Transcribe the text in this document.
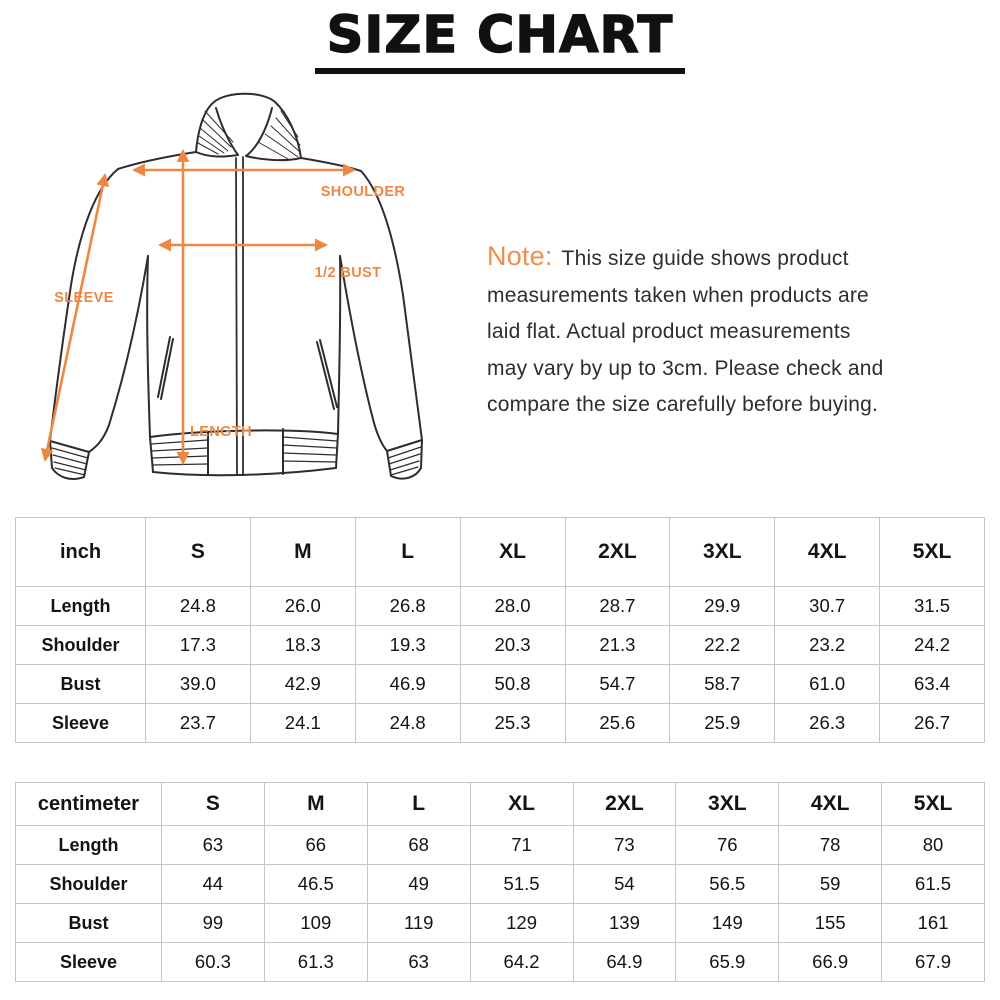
SIZE CHART
SHOULDER
1/2 BUST
SLEEVE
LENGTH

Note: This size guide shows product
measurements taken when products are
laid flat. Actual product measurements
may vary by up to 3cm. Please check and
compare the size carefully before buying.

inch	S	M	L	XL	2XL	3XL	4XL	5XL
Length	24.8	26.0	26.8	28.0	28.7	29.9	30.7	31.5
Shoulder	17.3	18.3	19.3	20.3	21.3	22.2	23.2	24.2
Bust	39.0	42.9	46.9	50.8	54.7	58.7	61.0	63.4
Sleeve	23.7	24.1	24.8	25.3	25.6	25.9	26.3	26.7
centimeter	S	M	L	XL	2XL	3XL	4XL	5XL
Length	63	66	68	71	73	76	78	80
Shoulder	44	46.5	49	51.5	54	56.5	59	61.5
Bust	99	109	119	129	139	149	155	161
Sleeve	60.3	61.3	63	64.2	64.9	65.9	66.9	67.9
